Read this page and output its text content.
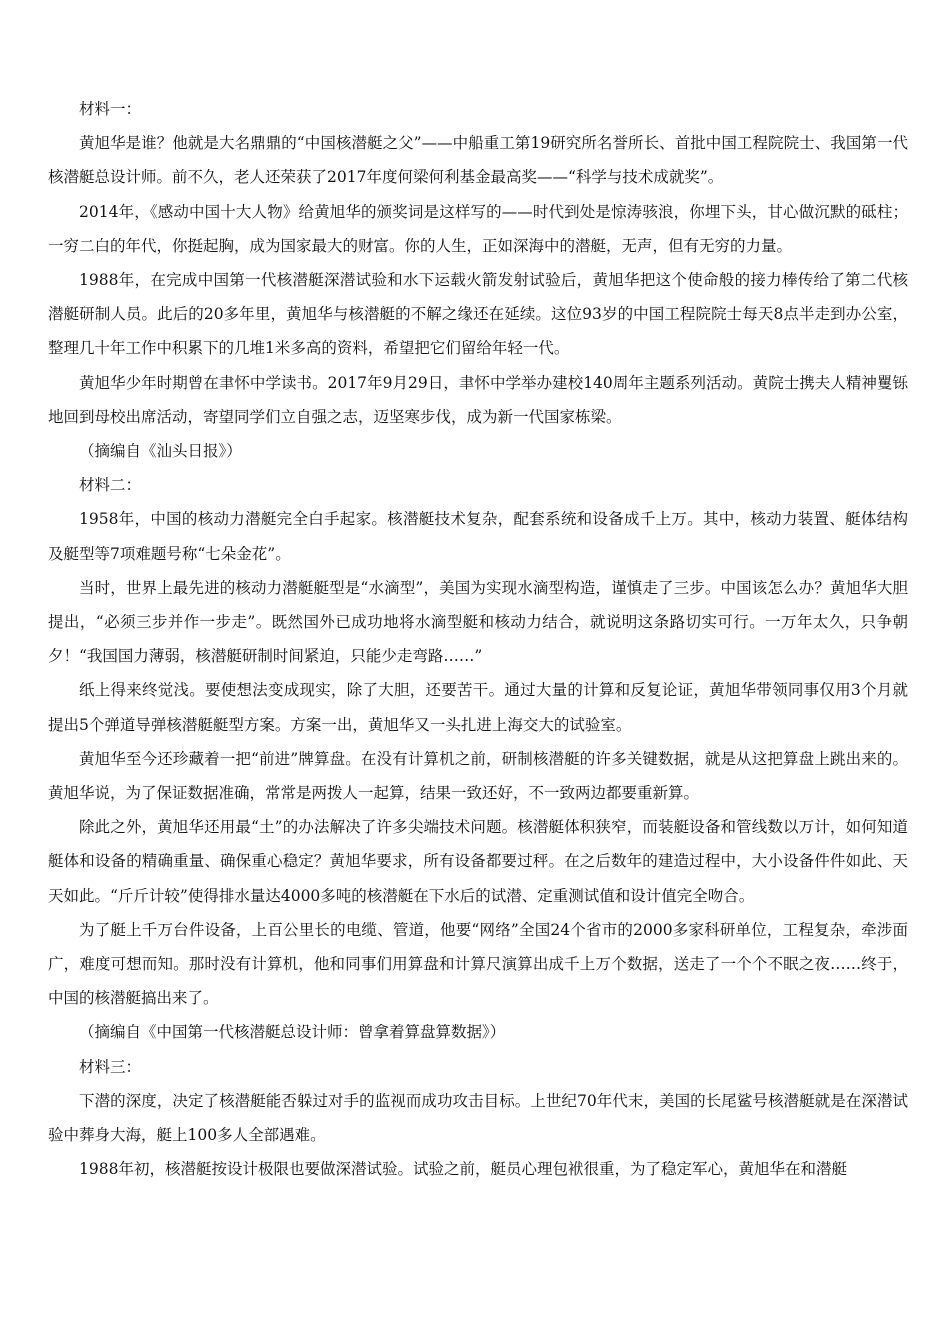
材料一：

黄旭华是谁？他就是大名鼎鼎的“中国核潜艇之父”——中船重工第19研究所名誉所长、首批中国工程院院士、我国第一代核潜艇总设计师。前不久，老人还荣获了2017年度何梁何利基金最高奖——“科学与技术成就奖”。

2014年，《感动中国十大人物》给黄旭华的颁奖词是这样写的——时代到处是惊涛骇浪，你埋下头，甘心做沉默的砥柱；一穷二白的年代，你挺起胸，成为国家最大的财富。你的人生，正如深海中的潜艇，无声，但有无穷的力量。

1988年，在完成中国第一代核潜艇深潜试验和水下运载火箭发射试验后，黄旭华把这个使命般的接力棒传给了第二代核潜艇研制人员。此后的20多年里，黄旭华与核潜艇的不解之缘还在延续。这位93岁的中国工程院院士每天8点半走到办公室，整理几十年工作中积累下的几堆1米多高的资料，希望把它们留给年轻一代。

黄旭华少年时期曾在聿怀中学读书。2017年9月29日，聿怀中学举办建校140周年主题系列活动。黄院士携夫人精神矍铄地回到母校出席活动，寄望同学们立自强之志，迈坚寒步伐，成为新一代国家栋梁。

（摘编自《汕头日报》）

材料二：

1958年，中国的核动力潜艇完全白手起家。核潜艇技术复杂，配套系统和设备成千上万。其中，核动力装置、艇体结构及艇型等7项难题号称“七朵金花”。

当时，世界上最先进的核动力潜艇艇型是“水滴型”，美国为实现水滴型构造，谨慎走了三步。中国该怎么办？黄旭华大胆提出，“必须三步并作一步走”。既然国外已成功地将水滴型艇和核动力结合，就说明这条路切实可行。一万年太久，只争朝夕！“我国国力薄弱，核潜艇研制时间紧迫，只能少走弯路……”

纸上得来终觉浅。要使想法变成现实，除了大胆，还要苦干。通过大量的计算和反复论证，黄旭华带领同事仅用3个月就提出5个弹道导弹核潜艇艇型方案。方案一出，黄旭华又一头扎进上海交大的试验室。

黄旭华至今还珍藏着一把“前进”牌算盘。在没有计算机之前，研制核潜艇的许多关键数据，就是从这把算盘上跳出来的。黄旭华说，为了保证数据准确，常常是两拨人一起算，结果一致还好，不一致两边都要重新算。

除此之外，黄旭华还用最“土”的办法解决了许多尖端技术问题。核潜艇体积狭窄，而装艇设备和管线数以万计，如何知道艇体和设备的精确重量、确保重心稳定？黄旭华要求，所有设备都要过秤。在之后数年的建造过程中，大小设备件件如此、天天如此。“斤斤计较”使得排水量达4000多吨的核潜艇在下水后的试潜、定重测试值和设计值完全吻合。

为了艇上千万台件设备，上百公里长的电缆、管道，他要“网络”全国24个省市的2000多家科研单位，工程复杂，牵涉面广，难度可想而知。那时没有计算机，他和同事们用算盘和计算尺演算出成千上万个数据，送走了一个个不眠之夜……终于，中国的核潜艇搞出来了。

（摘编自《中国第一代核潜艇总设计师：曾拿着算盘算数据》）

材料三：

下潜的深度，决定了核潜艇能否躲过对手的监视而成功攻击目标。上世纪70年代末，美国的长尾鲨号核潜艇就是在深潜试验中葬身大海，艇上100多人全部遇难。

1988年初，核潜艇按设计极限也要做深潜试验。试验之前，艇员心理包袱很重，为了稳定军心，黄旭华在和潜艇
